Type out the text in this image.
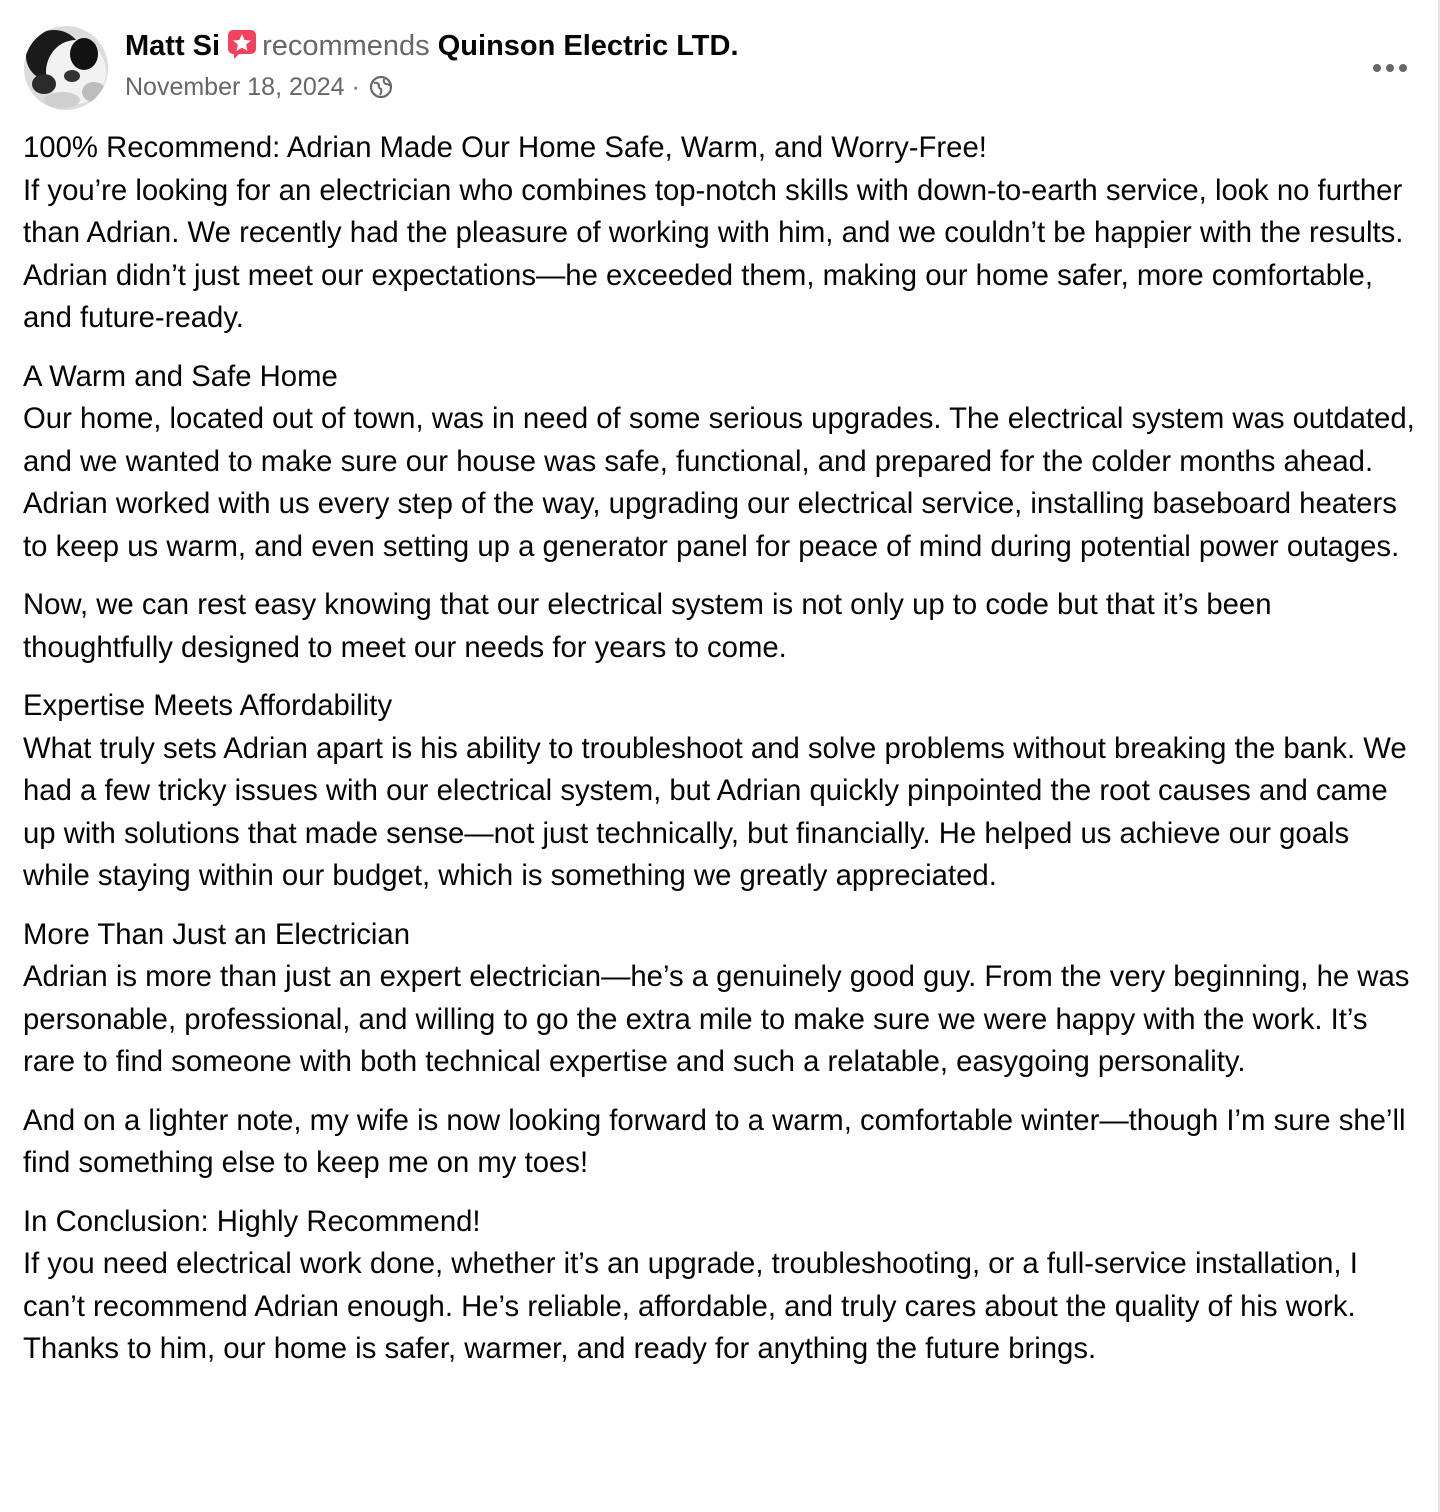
Matt Si recommends Quinson Electric LTD.
November 18, 2024 ·
100% Recommend: Adrian Made Our Home Safe, Warm, and Worry-Free!
If you’re looking for an electrician who combines top-notch skills with down-to-earth service, look no further than Adrian. We recently had the pleasure of working with him, and we couldn’t be happier with the results. Adrian didn’t just meet our expectations—he exceeded them, making our home safer, more comfortable, and future-ready.
A Warm and Safe Home
Our home, located out of town, was in need of some serious upgrades. The electrical system was outdated, and we wanted to make sure our house was safe, functional, and prepared for the colder months ahead. Adrian worked with us every step of the way, upgrading our electrical service, installing baseboard heaters to keep us warm, and even setting up a generator panel for peace of mind during potential power outages.
Now, we can rest easy knowing that our electrical system is not only up to code but that it’s been thoughtfully designed to meet our needs for years to come.
Expertise Meets Affordability
What truly sets Adrian apart is his ability to troubleshoot and solve problems without breaking the bank. We had a few tricky issues with our electrical system, but Adrian quickly pinpointed the root causes and came up with solutions that made sense—not just technically, but financially. He helped us achieve our goals while staying within our budget, which is something we greatly appreciated.
More Than Just an Electrician
Adrian is more than just an expert electrician—he’s a genuinely good guy. From the very beginning, he was personable, professional, and willing to go the extra mile to make sure we were happy with the work. It’s rare to find someone with both technical expertise and such a relatable, easygoing personality.
And on a lighter note, my wife is now looking forward to a warm, comfortable winter—though I’m sure she’ll find something else to keep me on my toes!
In Conclusion: Highly Recommend!
If you need electrical work done, whether it’s an upgrade, troubleshooting, or a full-service installation, I can’t recommend Adrian enough. He’s reliable, affordable, and truly cares about the quality of his work. Thanks to him, our home is safer, warmer, and ready for anything the future brings.
